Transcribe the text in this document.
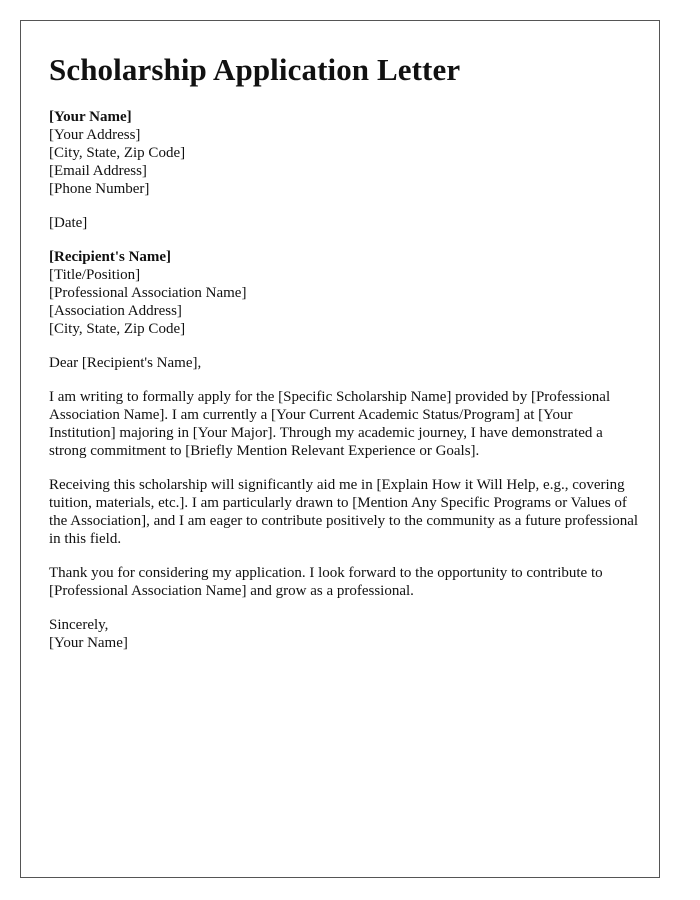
Scholarship Application Letter
[Your Name]
[Your Address]
[City, State, Zip Code]
[Email Address]
[Phone Number]
[Date]
[Recipient's Name]
[Title/Position]
[Professional Association Name]
[Association Address]
[City, State, Zip Code]
Dear [Recipient's Name],

I am writing to formally apply for the [Specific Scholarship Name] provided by [Professional Association Name]. I am currently a [Your Current Academic Status/Program] at [Your Institution] majoring in [Your Major]. Through my academic journey, I have demonstrated a strong commitment to [Briefly Mention Relevant Experience or Goals].

Receiving this scholarship will significantly aid me in [Explain How it Will Help, e.g., covering tuition, materials, etc.]. I am particularly drawn to [Mention Any Specific Programs or Values of the Association], and I am eager to contribute positively to the community as a future professional in this field.

Thank you for considering my application. I look forward to the opportunity to contribute to [Professional Association Name] and grow as a professional.

Sincerely,
[Your Name]
